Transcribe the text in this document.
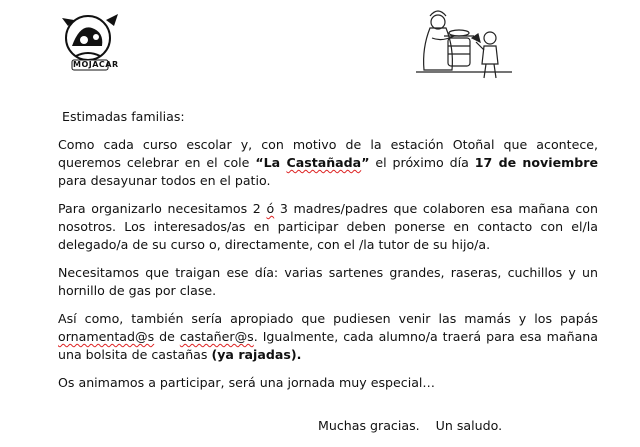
MOJACAR
Estimadas familias:

Como cada curso escolar y, con motivo de la estación Otoñal que acontece, queremos celebrar en el cole “La Castañada” el próximo día 17 de noviembre para desayunar todos en el patio.

Para organizarlo necesitamos 2 ó 3 madres/padres que colaboren esa mañana con nosotros. Los interesados/as en participar deben ponerse en contacto con el/la delegado/a de su curso o, directamente, con el /la tutor de su hijo/a.

Necesitamos que traigan ese día: varias sartenes grandes, raseras, cuchillos y un hornillo de gas por clase.

Así como, también sería apropiado que pudiesen venir las mamás y los papás ornamentad@s de castañer@s. Igualmente, cada alumno/a traerá para esa mañana una bolsita de castañas (ya rajadas).

Os animamos a participar, será una jornada muy especial…

Muchas gracias. Un saludo.
